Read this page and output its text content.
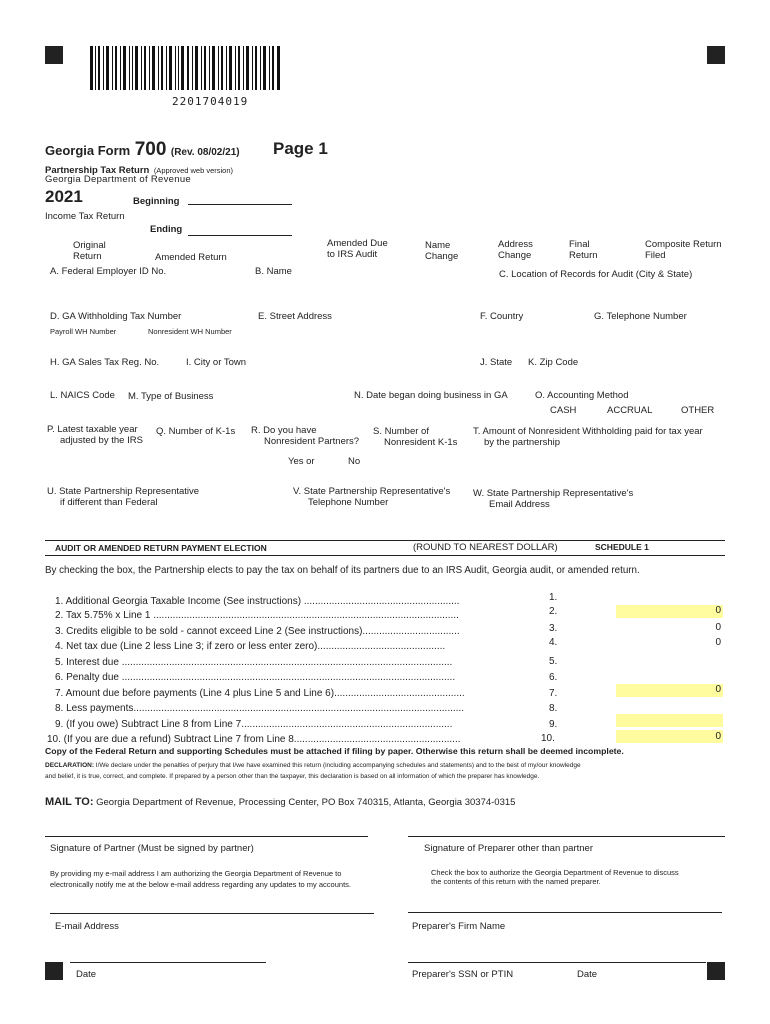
2201704019
Georgia Form 700 (Rev. 08/02/21) Page 1
Partnership Tax Return (Approved web version)
Georgia Department of Revenue
2021	Beginning
Income Tax Return
Ending
Original
Return	Amended Return
Amended Due
to IRS Audit
Name
Change
Address
Change
Final
Return
Composite Return
Filed
A. Federal Employer ID No.	B. Name	C. Location of Records for Audit (City & State)
D. GA Withholding Tax Number	E. Street Address	F. Country	G. Telephone Number
Payroll WH Number	Nonresident WH Number
H. GA Sales Tax Reg. No.	I. City or Town	J. State K. Zip Code
L. NAICS Code M. Type of Business	N. Date began doing business in GA	O. Accounting Method
CASH	ACCRUAL	OTHER
P. Latest taxable year
adjusted by the IRS
Q. Number of K-1s R. Do you have
Nonresident Partners?
S. Number of
Nonresident K-1s
T. Amount of Nonresident Withholding paid for tax year
by the partnership
Yes or	No
U. State Partnership Representative
if different than Federal
V. State Partnership Representative's
Telephone Number
W. State Partnership Representative's
Email Address
AUDIT OR AMENDED RETURN PAYMENT ELECTION	(ROUND TO NEAREST DOLLAR)	SCHEDULE 1
By checking the box, the Partnership elects to pay the tax on behalf of its partners due to an IRS Audit, Georgia audit, or amended return.
1. Additional Georgia Taxable Income (See instructions) ........................................................	1.
2. Tax 5.75% x Line 1 ..............................................................................................................	2.	0
3. Credits eligible to be sold - cannot exceed Line 2 (See instructions)...................................	3.	0
4. Net tax due (Line 2 less Line 3; if zero or less enter zero)..............................................	4.	0
5. Interest due .......................................................................................................................	5.
6. Penalty due ........................................................................................................................	6.
7. Amount due before payments (Line 4 plus Line 5 and Line 6)...............................................	7.	0
8. Less payments.......................................................................................................................	8.
9. (If you owe) Subtract Line 8 from Line 7............................................................................	9.
10. (If you are due a refund) Subtract Line 7 from Line 8............................................................	10.	0
Copy of the Federal Return and supporting Schedules must be attached if filing by paper. Otherwise this return shall be deemed incomplete.
DECLARATION: I/We declare under the penalties of perjury that I/we have examined this return (including accompanying schedules and statements) and to the best of my/our knowledge
and belief, it is true, correct, and complete. If prepared by a person other than the taxpayer, this declaration is based on all information of which the preparer has knowledge.
MAIL TO: Georgia Department of Revenue, Processing Center, PO Box 740315, Atlanta, Georgia 30374-0315
Signature of Partner (Must be signed by partner)	Signature of Preparer other than partner
By providing my e-mail address I am authorizing the Georgia Department of Revenue to
electronically notify me at the below e-mail address regarding any updates to my accounts.
Check the box to authorize the Georgia Department of Revenue to discuss
the contents of this return with the named preparer.
E-mail Address	Preparer's Firm Name
Date	Preparer's SSN or PTIN	Date
